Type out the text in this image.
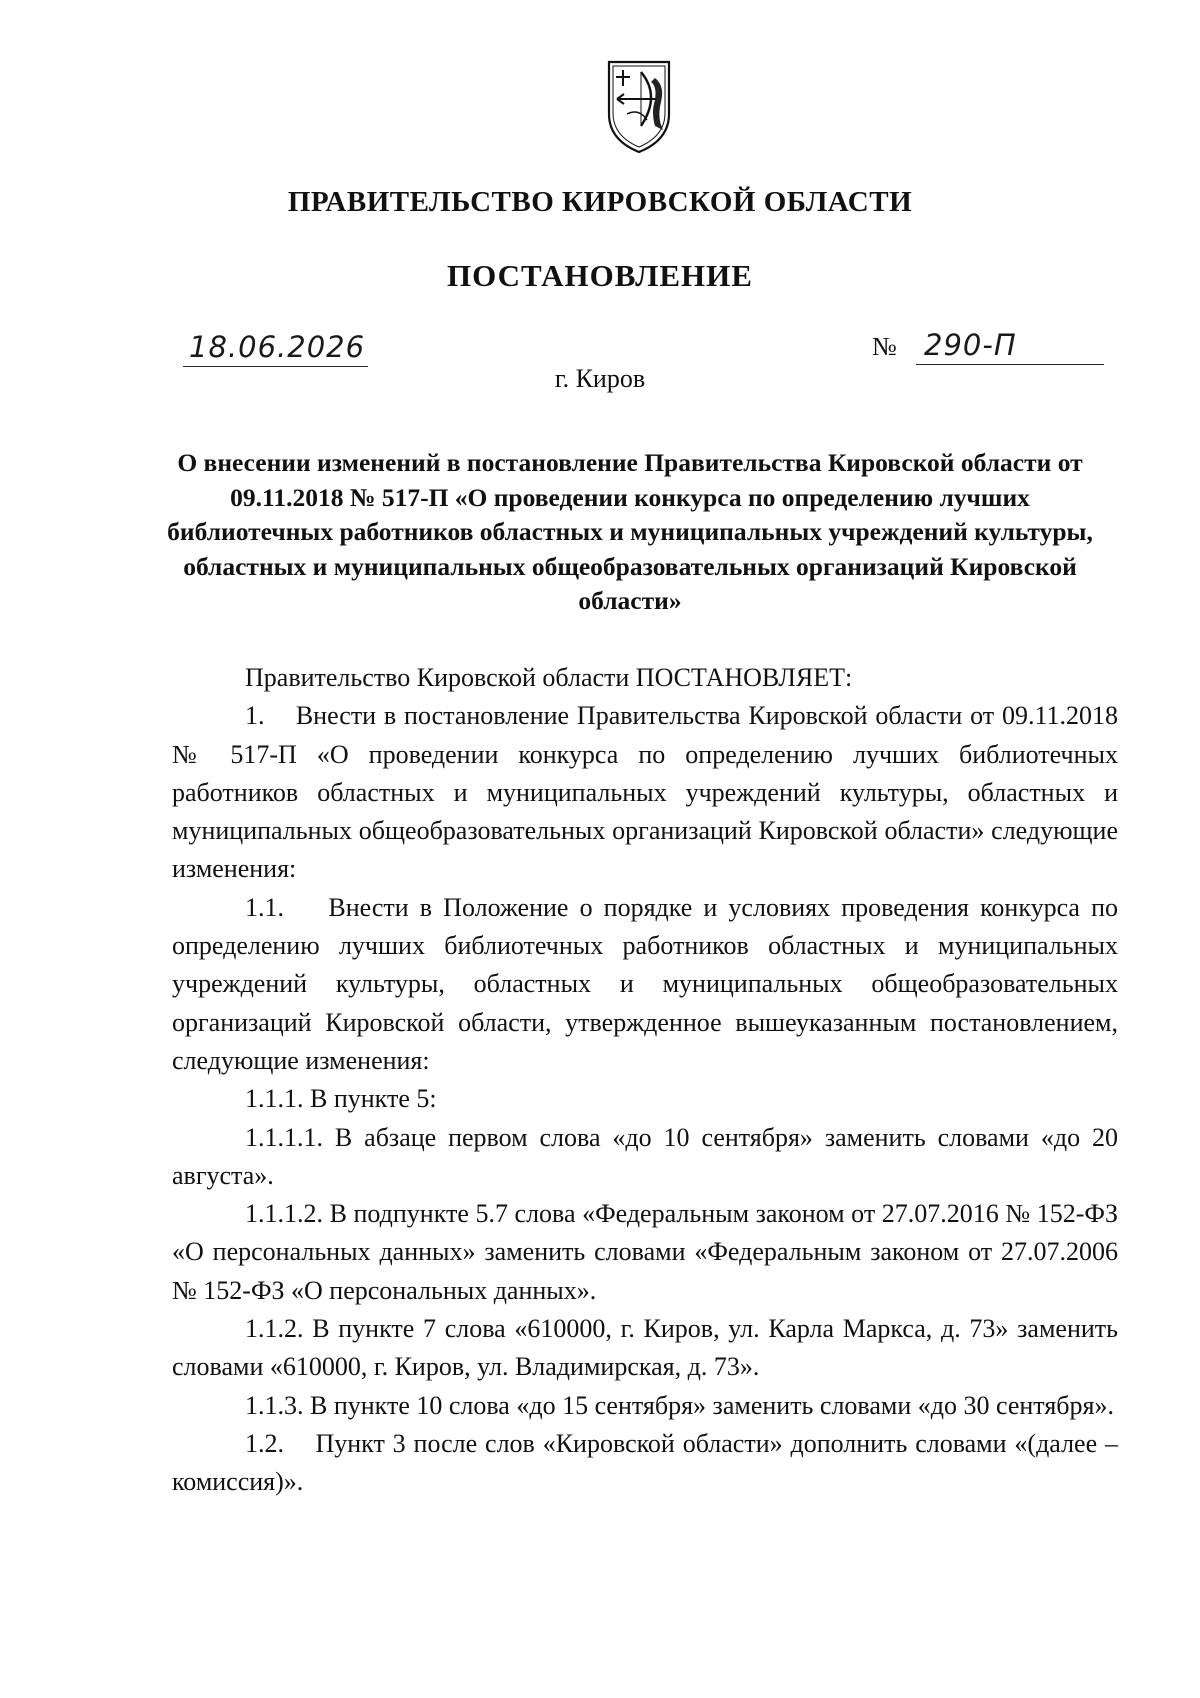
ПРАВИТЕЛЬСТВО КИРОВСКОЙ ОБЛАСТИ
ПОСТАНОВЛЕНИЕ
18.06.2026	№ 290-П
г. Киров
О внесении изменений в постановление Правительства Кировской области от 09.11.2018 № 517-П «О проведении конкурса по определению лучших библиотечных работников областных и муниципальных учреждений культуры, областных и муниципальных общеобразовательных организаций Кировской области»

Правительство Кировской области ПОСТАНОВЛЯЕТ:

1.    Внести в постановление Правительства Кировской области от 09.11.2018 № 517-П «О проведении конкурса по определению лучших библиотечных работников областных и муниципальных учреждений культуры, областных и муниципальных общеобразовательных организаций Кировской области» следующие изменения:

1.1.    Внести в Положение о порядке и условиях проведения конкурса по определению лучших библиотечных работников областных и муниципальных учреждений культуры, областных и муниципальных общеобразовательных организаций Кировской области, утвержденное вышеуказанным постановлением, следующие изменения:

1.1.1. В пункте 5:

1.1.1.1. В абзаце первом слова «до 10 сентября» заменить словами «до 20 августа».

1.1.1.2. В подпункте 5.7 слова «Федеральным законом от 27.07.2016 № 152-ФЗ «О персональных данных» заменить словами «Федеральным законом от 27.07.2006 № 152-ФЗ «О персональных данных».

1.1.2. В пункте 7 слова «610000, г. Киров, ул. Карла Маркса, д. 73» заменить словами «610000, г. Киров, ул. Владимирская, д. 73».

1.1.3. В пункте 10 слова «до 15 сентября» заменить словами «до 30 сентября».

1.2.    Пункт 3 после слов «Кировской области» дополнить словами «(далее – комиссия)».
